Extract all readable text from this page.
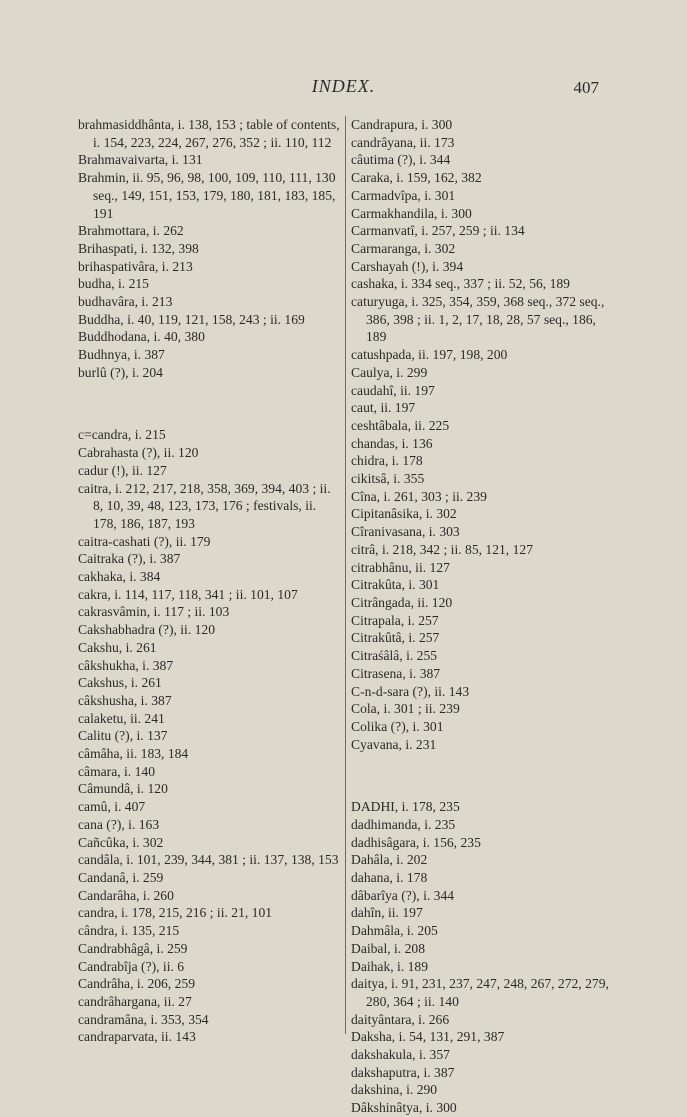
INDEX.	407

brahmasiddhânta, i. 138, 153 ; table of contents, i. 154, 223, 224, 267, 276, 352 ; ii. 110, 112

Brahmavaivarta, i. 131

Brahmin, ii. 95, 96, 98, 100, 109, 110, 111, 130 seq., 149, 151, 153, 179, 180, 181, 183, 185, 191

Brahmottara, i. 262

Brihaspati, i. 132, 398

brihaspativâra, i. 213

budha, i. 215

budhavâra, i. 213

Buddha, i. 40, 119, 121, 158, 243 ; ii. 169

Buddhodana, i. 40, 380

Budhnya, i. 387

burlû (?), i. 204

c=candra, i. 215

Cabrahasta (?), ii. 120

cadur (!), ii. 127

caitra, i. 212, 217, 218, 358, 369, 394, 403 ; ii. 8, 10, 39, 48, 123, 173, 176 ; festivals, ii. 178, 186, 187, 193

caitra-cashati (?), ii. 179

Caitraka (?), i. 387

cakhaka, i. 384

cakra, i. 114, 117, 118, 341 ; ii. 101, 107

cakrasvâmin, i. 117 ; ii. 103

Cakshabhadra (?), ii. 120

Cakshu, i. 261

câkshukha, i. 387

Cakshus, i. 261

câkshusha, i. 387

calaketu, ii. 241

Calitu (?), i. 137

câmâha, ii. 183, 184

câmara, i. 140

Câmundâ, i. 120

camû, i. 407

cana (?), i. 163

Cañcûka, i. 302

candâla, i. 101, 239, 344, 381 ; ii. 137, 138, 153

Candanâ, i. 259

Candarâha, i. 260

candra, i. 178, 215, 216 ; ii. 21, 101

cândra, i. 135, 215

Candrabhâgâ, i. 259

Candrabîja (?), ii. 6

Candrâha, i. 206, 259

candrâhargana, ii. 27

candramâna, i. 353, 354

candraparvata, ii. 143

Candrapura, i. 300

candrâyana, ii. 173

câutima (?), i. 344

Caraka, i. 159, 162, 382

Carmadvîpa, i. 301

Carmakhandila, i. 300

Carmanvatî, i. 257, 259 ; ii. 134

Carmaranga, i. 302

Carshayah (!), i. 394

cashaka, i. 334 seq., 337 ; ii. 52, 56, 189

caturyuga, i. 325, 354, 359, 368 seq., 372 seq., 386, 398 ; ii. 1, 2, 17, 18, 28, 57 seq., 186, 189

catushpada, ii. 197, 198, 200

Caulya, i. 299

caudahî, ii. 197

caut, ii. 197

ceshtâbala, ii. 225

chandas, i. 136

chidra, i. 178

cikitsâ, i. 355

Cîna, i. 261, 303 ; ii. 239

Cipitanâsika, i. 302

Cîranivasana, i. 303

citrâ, i. 218, 342 ; ii. 85, 121, 127

citrabhânu, ii. 127

Citrakûta, i. 301

Citrângada, ii. 120

Citrapala, i. 257

Citrakûtâ, i. 257

Citraśâlâ, i. 255

Citrasena, i. 387

C-n-d-sara (?), ii. 143

Cola, i. 301 ; ii. 239

Colika (?), i. 301

Cyavana, i. 231

DADHI, i. 178, 235

dadhimanda, i. 235

dadhisâgara, i. 156, 235

Dahâla, i. 202

dahana, i. 178

dâbarîya (?), i. 344

dahîn, ii. 197

Dahmâla, i. 205

Daibal, i. 208

Daihak, i. 189

daitya, i. 91, 231, 237, 247, 248, 267, 272, 279, 280, 364 ; ii. 140

daityântara, i. 266

Daksha, i. 54, 131, 291, 387

dakshakula, i. 357

dakshaputra, i. 387

dakshina, i. 290

Dâkshinâtya, i. 300
